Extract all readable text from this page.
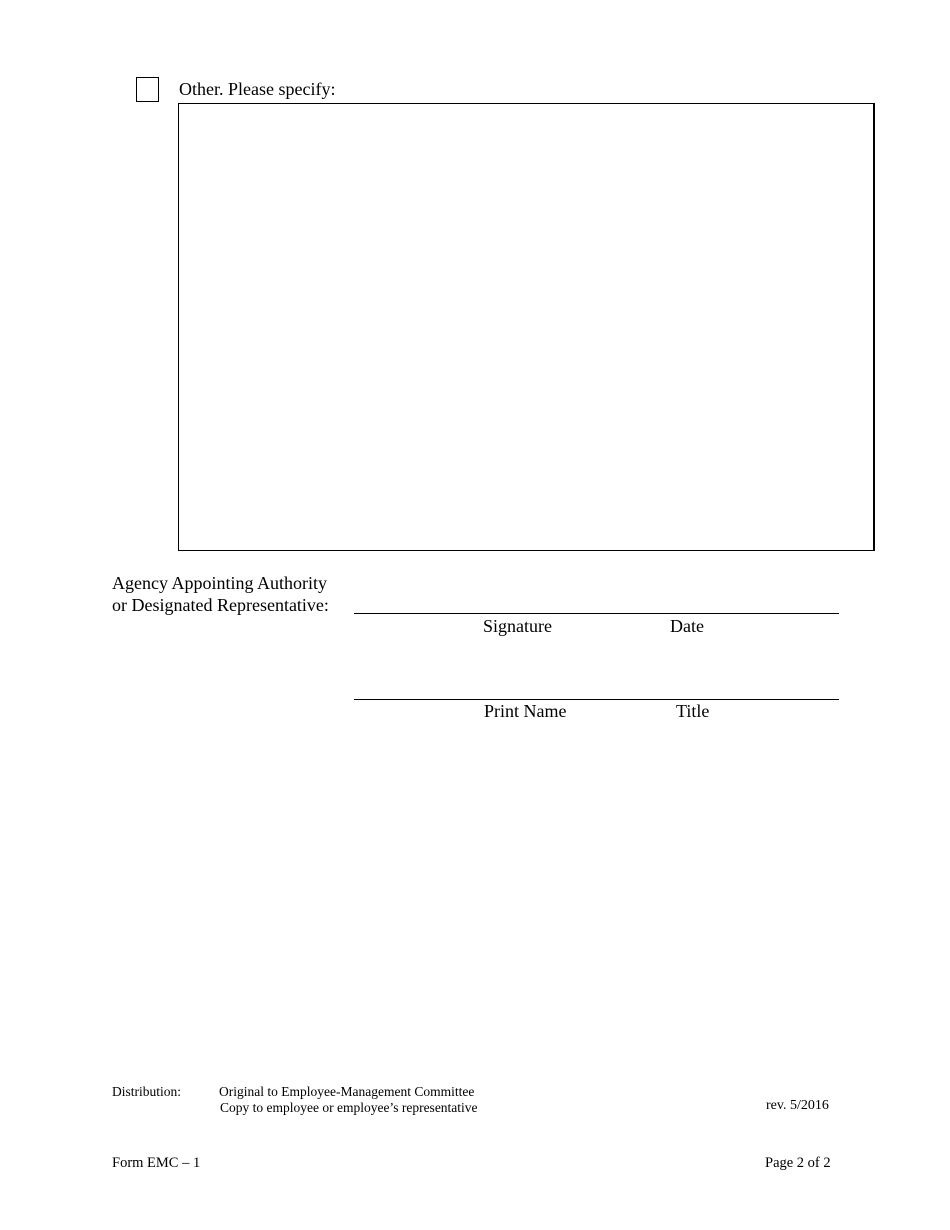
Other. Please specify:
Agency Appointing Authority
or Designated Representative:
Signature	Date
Print Name	Title
Distribution:	Original to Employee-Management Committee
Copy to employee or employee’s representative	rev. 5/2016
Form EMC – 1	Page 2 of 2
